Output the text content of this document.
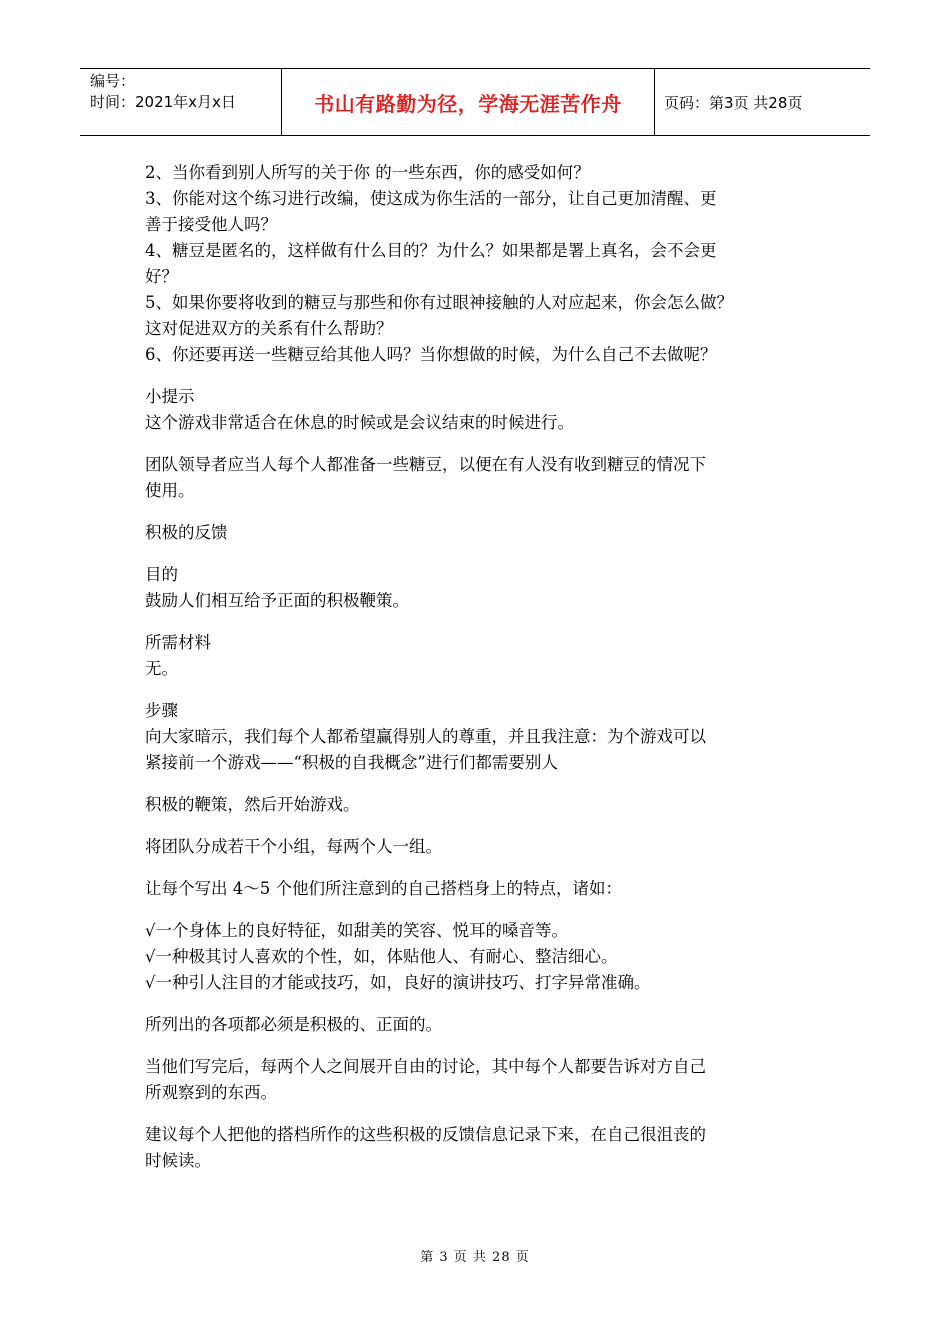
编号：
时间：2021年x月x日	书山有路勤为径，学海无涯苦作舟	页码：第3页 共28页

2、当你看到别人所写的关于你 的一些东西，你的感受如何？

3、你能对这个练习进行改编，使这成为你生活的一部分，让自己更加清醒、更

善于接受他人吗？

4、糖豆是匿名的，这样做有什么目的？为什么？如果都是署上真名，会不会更

好？

5、如果你要将收到的糖豆与那些和你有过眼神接触的人对应起来，你会怎么做？

这对促进双方的关系有什么帮助？

6、你还要再送一些糖豆给其他人吗？当你想做的时候，为什么自己不去做呢？

小提示

这个游戏非常适合在休息的时候或是会议结束的时候进行。

团队领导者应当人每个人都准备一些糖豆，以便在有人没有收到糖豆的情况下

使用。

积极的反馈

目的

鼓励人们相互给予正面的积极鞭策。

所需材料

无。

步骤

向大家暗示，我们每个人都希望赢得别人的尊重，并且我注意：为个游戏可以

紧接前一个游戏——“积极的自我概念”进行们都需要别人

积极的鞭策，然后开始游戏。

将团队分成若干个小组，每两个人一组。

让每个写出 4～5 个他们所注意到的自己搭档身上的特点，诸如：

√一个身体上的良好特征，如甜美的笑容、悦耳的嗓音等。

√一种极其讨人喜欢的个性，如，体贴他人、有耐心、整洁细心。

√一种引人注目的才能或技巧，如，良好的演讲技巧、打字异常准确。

所列出的各项都必须是积极的、正面的。

当他们写完后，每两个人之间展开自由的讨论，其中每个人都要告诉对方自己

所观察到的东西。

建议每个人把他的搭档所作的这些积极的反馈信息记录下来，在自己很沮丧的

时候读。

第 3 页 共 28 页
